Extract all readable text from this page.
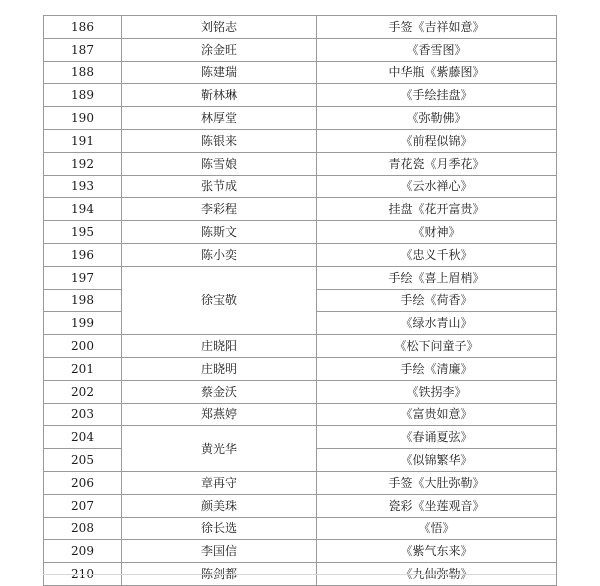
186	刘铭志	手签《吉祥如意》
187	涂金旺	《香雪图》
188	陈建瑞	中华瓶《紫藤图》
189	靳林琳	《手绘挂盘》
190	林厚堂	《弥勒佛》
191	陈银来	《前程似锦》
192	陈雪娘	青花瓷《月季花》
193	张节成	《云水禅心》
194	李彩程	挂盘《花开富贵》
195	陈斯文	《财神》
196	陈小奕	《忠义千秋》
197	徐宝敬	手绘《喜上眉梢》
198		手绘《荷香》
199		《绿水青山》
200	庄晓阳	《松下问童子》
201	庄晓明	手绘《清廉》
202	蔡金沃	《铁拐李》
203	郑燕婷	《富贵如意》
204	黄光华	《春诵夏弦》
205		《似锦繁华》
206	章再守	手签《大肚弥勒》
207	颜美珠	瓷彩《坐莲观音》
208	徐长选	《悟》
209	李国信	《紫气东来》
210	陈剑都	《九仙弥勒》
